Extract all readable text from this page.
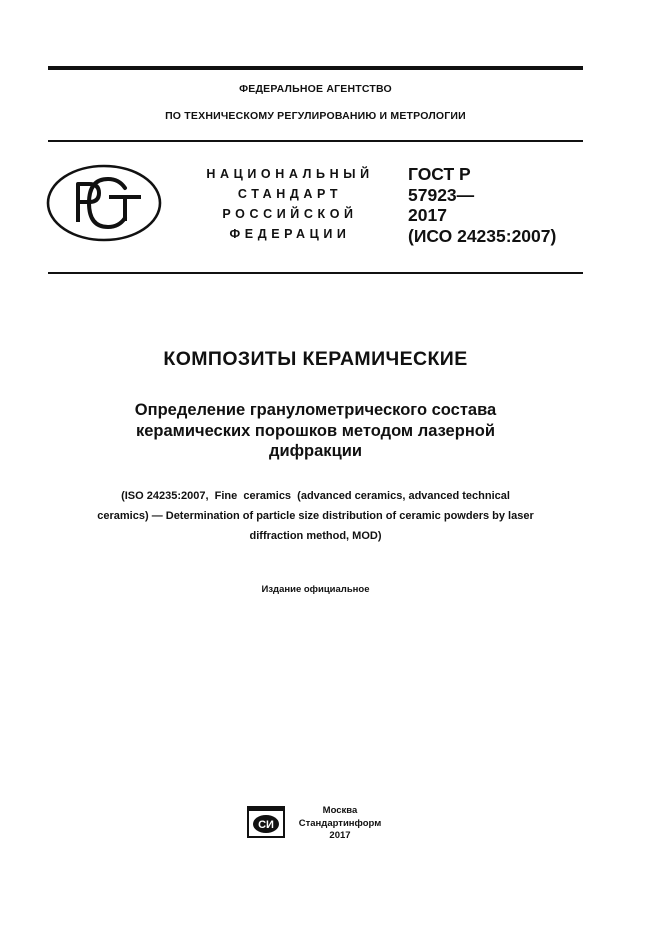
ФЕДЕРАЛЬНОЕ АГЕНТСТВО
ПО ТЕХНИЧЕСКОМУ РЕГУЛИРОВАНИЮ И МЕТРОЛОГИИ
НАЦИОНАЛЬНЫЙ
СТАНДАРТ
РОССИЙСКОЙ
ФЕДЕРАЦИИ
ГОСТ Р
57923—
2017
(ИСО 24235:2007)
КОМПОЗИТЫ КЕРАМИЧЕСКИЕ
Определение гранулометрического состава
керамических порошков методом лазерной
дифракции
(ISO 24235:2007,  Fine  ceramics  (advanced ceramics, advanced technical
ceramics) — Determination of particle size distribution of ceramic powders by laser
diffraction method, MOD)
Издание официальное
СИ
Москва
Стандартинформ
2017
